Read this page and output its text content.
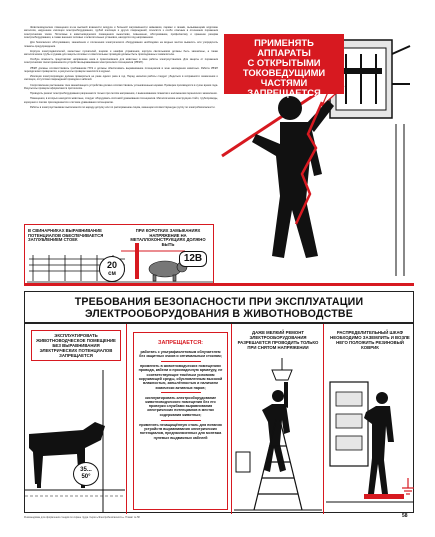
Животноводческие помещения из-за высокой влажности воздуха и большой загрязнённости аммиаком, парами и газами, вызывающими коррозию металлов, нарушение изоляции электрооборудования, грубой изоляции и других повреждений, относятся к особо опасным в отношении поражения электрическим током. Поголовье в животноводческих помещениях выносливо, повышенно, обслуживание, профилактику и хранение резерва электрооборудования, а также внешних силовых и осветительных установок, находятся под напряжением.

Для безопасного обслуживания, заземления и отключения электрического оборудования необходимо на видных местах вывесить или упорядочить плакаты-предупреждения.

Корпуса электродвигателей, магнитных пускателей, ящиков и шкафов управления, корпуса светильников должны быть заземлены, а также металлические трубы и рукава для защиты силовых и осветительных проводов должны быть присоединены к заземлителю.

Особую опасность представляет напряжение шага и прикосновения для животных в зоне работы электроустановок. Для защиты от поражения электрическим током применяются устройства выравнивания электрических потенциалов (УВЭП).

УВЭП должны соответствовать требованиям ПУЭ и должны обеспечивать выравнивание потенциалов в зоне нахождения животных. Работа УВЭП периодически проверяется, а результаты проверок заносятся в журнал.

Изоляция электропроводки должна проверяться не реже одного раза в год. Перед началом работы следует убедиться в исправности заземления и изоляции, отсутствии повреждений проводов и кабелей.

Сопротивление растеканию тока заземляющего устройства должно соответствовать установленным нормам. Проверка производится в сухое время года. Результаты проверок оформляются протоколом.

Проводить ремонт электрооборудования разрешается только при снятом напряжении, с вывешиванием плакатов и наложением переносного заземления.

Помещения, в которых находятся животные, следует оборудовать системой уравнивания потенциалов. Металлические конструкции стойл, трубопроводы, кормушки и поилки присоединяются к системе уравнивания потенциалов.

Работы в электроустановках выполняются по наряду-допуску или по распоряжению лицом, имеющим соответствующую группу по электробезопасности.

ПРИМЕНЯТЬ АППАРАТЫ
С ОТКРЫТЫМИ
ТОКОВЕДУЩИМИ
ЧАСТЯМИ
ЗАПРЕЩАЕТСЯ
В СВИНАРНИКАХ ВЫРАВНИВАНИЕ ПОТЕНЦИАЛОВ ОБЕСПЕЧИВАЕТСЯ ЗАГЛУБЛЕНИЕМ СТОЕК
ПРИ КОРОТКИХ ЗАМЫКАНИЯХ НАПРЯЖЕНИЕ НА МЕТАЛЛОКОНСТРУКЦИЯХ ДОЛЖНО БЫТЬ
12В
20
см
ТРЕБОВАНИЯ БЕЗОПАСНОСТИ ПРИ ЭКСПЛУАТАЦИИ
ЭЛЕКТРООБОРУДОВАНИЯ В ЖИВОТНОВОДСТВЕ
ЭКСПЛУАТИРОВАТЬ ЖИВОТНОВОДЧЕСКОЕ ПОМЕЩЕНИЕ БЕЗ ВЫРАВНИВАНИЯ ЭЛЕКТРИЧЕСКИХ ПОТЕНЦИАЛОВ ЗАПРЕЩАЕТСЯ
35...
50°
ЗАПРЕЩАЕТСЯ:
работать с ультрафиолетовым облучателем без защитных очков и оптимальным стоклам;
применять в животноводческих помещениях провода, кабели и прокладочную арматуру, не соответствующие тяжёлым условиям окружающей среды, обусловленным высокой влажностью, запылённостью и наличием химически активных паров;
эксплуатировать электрооборудование животноводческого помещения без его проверки службами выравнивания электрических потенциалов в местах содержания животных;
применять незащищённую сталь для питания устройств выравнивания электрических потенциалов, предназначенных для монтажа нулевых выдвижных кабелей
ДАЖЕ МЕЛКИЙ РЕМОНТ ЭЛЕКТРООБОРУДОВАНИЯ РАЗРЕШАЕТСЯ ПРОВОДИТЬ ТОЛЬКО ПРИ СНЯТОМ НАПРЯЖЕНИИ
РАСПРЕДЕЛИТЕЛЬНЫЙ ШКАФ НЕОБХОДИМО ЗАЗЕМЛИТЬ И ВОЗЛЕ НЕГО ПОЛОЖИТЬ РЕЗИНОВЫЙ КОВРИК
Рекомендован для оформления стендов по охране труда. Серия «Электробезопасность». Плакат № 58	58
